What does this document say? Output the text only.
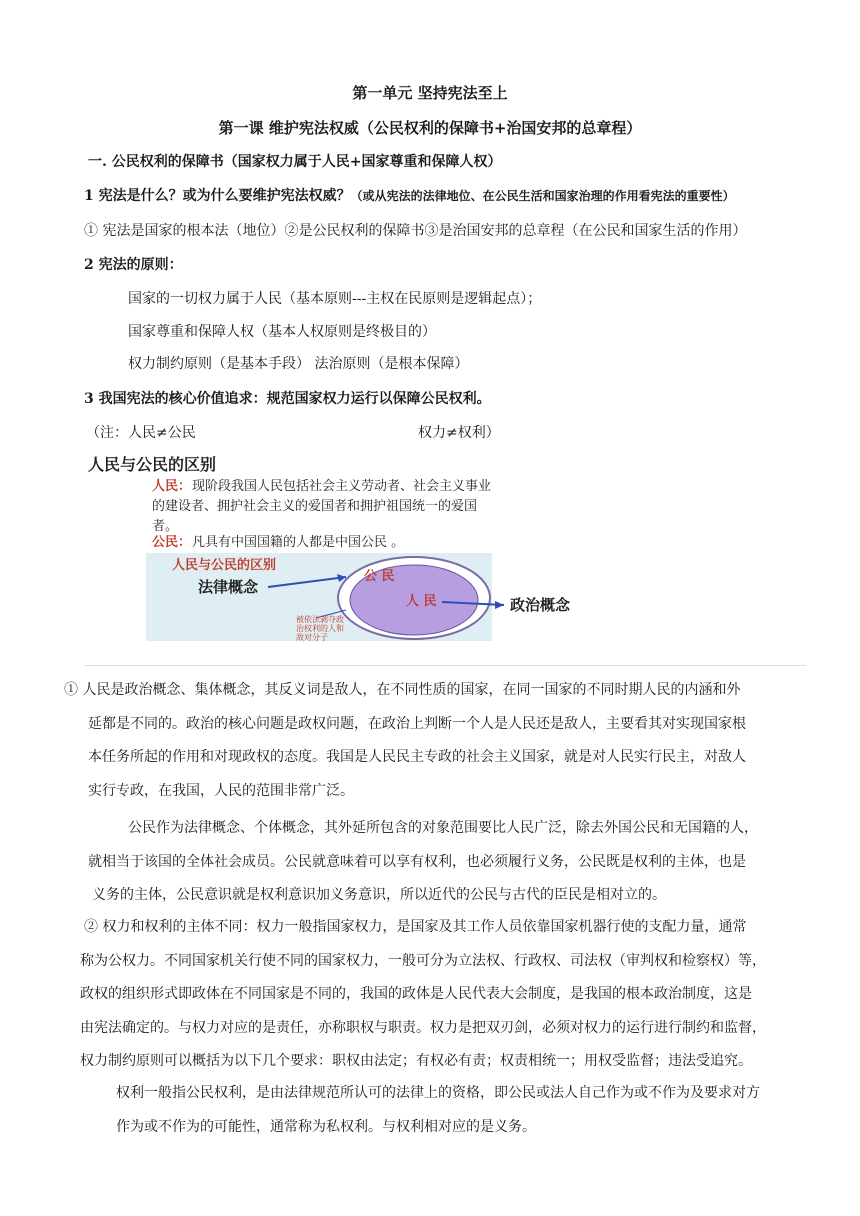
第一单元 坚持宪法至上
第一课 维护宪法权威（公民权利的保障书+治国安邦的总章程）
一. 公民权利的保障书（国家权力属于人民+国家尊重和保障人权）
1 宪法是什么？或为什么要维护宪法权威？（或从宪法的法律地位、在公民生活和国家治理的作用看宪法的重要性）
① 宪法是国家的根本法（地位）②是公民权利的保障书③是治国安邦的总章程（在公民和国家生活的作用）
2 宪法的原则：
国家的一切权力属于人民（基本原则---主权在民原则是逻辑起点）；
国家尊重和保障人权（基本人权原则是终极目的）
权力制约原则（是基本手段） 法治原则（是根本保障）
3 我国宪法的核心价值追求：规范国家权力运行以保障公民权利。
（注：人民≠公民	权力≠权利）
人民与公民的区别
人民： 现阶段我国人民包括社会主义劳动者、社会主义事业
的建设者、拥护社会主义的爱国者和拥护祖国统一的爱国
者。
公民： 凡具有中国国籍的人都是中国公民 。
人民与公民的区别
公 民
人 民
法律概念
政治概念
被依法剥夺政
治权利的人和
敌对分子
① 人民是政治概念、集体概念，其反义词是敌人，在不同性质的国家，在同一国家的不同时期人民的内涵和外
延都是不同的。政治的核心问题是政权问题，在政治上判断一个人是人民还是敌人，主要看其对实现国家根
本任务所起的作用和对现政权的态度。我国是人民民主专政的社会主义国家，就是对人民实行民主，对敌人
实行专政，在我国，人民的范围非常广泛。
公民作为法律概念、个体概念，其外延所包含的对象范围要比人民广泛，除去外国公民和无国籍的人，
就相当于该国的全体社会成员。公民就意味着可以享有权利，也必须履行义务，公民既是权利的主体，也是
义务的主体，公民意识就是权利意识加义务意识，所以近代的公民与古代的臣民是相对立的。
② 权力和权利的主体不同：权力一般指国家权力，是国家及其工作人员依靠国家机器行使的支配力量，通常
称为公权力。不同国家机关行使不同的国家权力，一般可分为立法权、行政权、司法权（审判权和检察权）等，
政权的组织形式即政体在不同国家是不同的，我国的政体是人民代表大会制度，是我国的根本政治制度，这是
由宪法确定的。与权力对应的是责任，亦称职权与职责。权力是把双刃剑，必须对权力的运行进行制约和监督，
权力制约原则可以概括为以下几个要求：职权由法定；有权必有责；权责相统一；用权受监督；违法受追究。
权利一般指公民权利，是由法律规范所认可的法律上的资格，即公民或法人自己作为或不作为及要求对方
作为或不作为的可能性，通常称为私权利。与权利相对应的是义务。
